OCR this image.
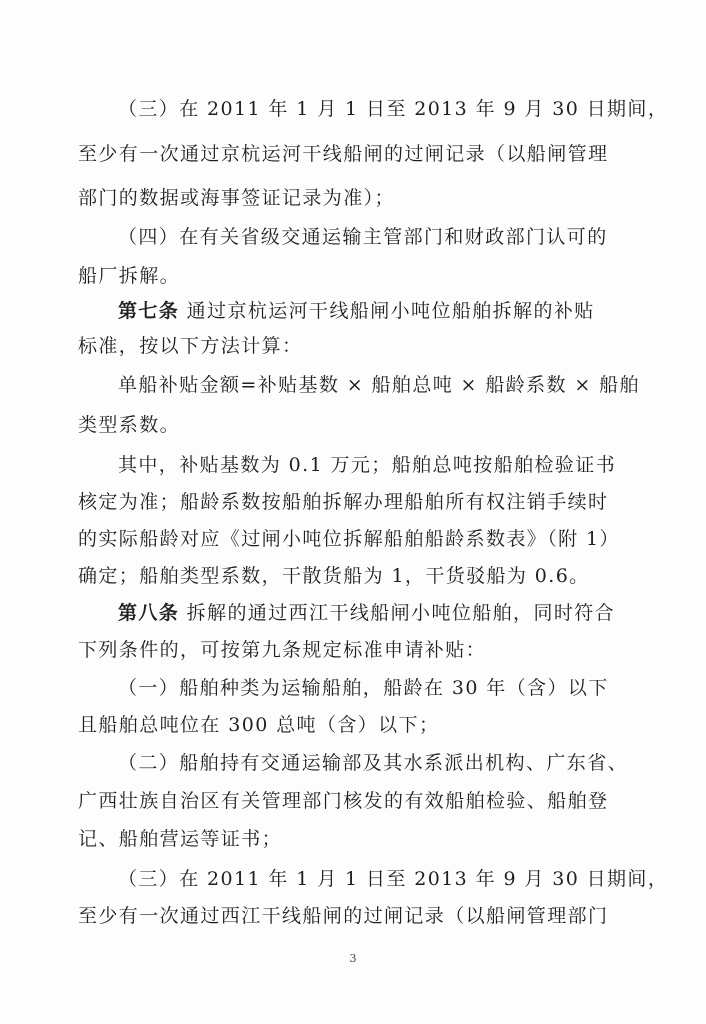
（三）在 2011 年 1 月 1 日至 2013 年 9 月 30 日期间，
至少有一次通过京杭运河干线船闸的过闸记录（以船闸管理
部门的数据或海事签证记录为准）；
（四）在有关省级交通运输主管部门和财政部门认可的
船厂拆解。
第七条 通过京杭运河干线船闸小吨位船舶拆解的补贴
标准，按以下方法计算：
单船补贴金额=补贴基数 × 船舶总吨 × 船龄系数 × 船舶
类型系数。
其中，补贴基数为 0.1 万元；船舶总吨按船舶检验证书
核定为准；船龄系数按船舶拆解办理船舶所有权注销手续时
的实际船龄对应《过闸小吨位拆解船舶船龄系数表》（附 1）
确定；船舶类型系数，干散货船为 1，干货驳船为 0.6。
第八条 拆解的通过西江干线船闸小吨位船舶，同时符合
下列条件的，可按第九条规定标准申请补贴：
（一）船舶种类为运输船舶，船龄在 30 年（含）以下
且船舶总吨位在 300 总吨（含）以下；
（二）船舶持有交通运输部及其水系派出机构、广东省、
广西壮族自治区有关管理部门核发的有效船舶检验、船舶登
记、船舶营运等证书；
（三）在 2011 年 1 月 1 日至 2013 年 9 月 30 日期间，
至少有一次通过西江干线船闸的过闸记录（以船闸管理部门
3
